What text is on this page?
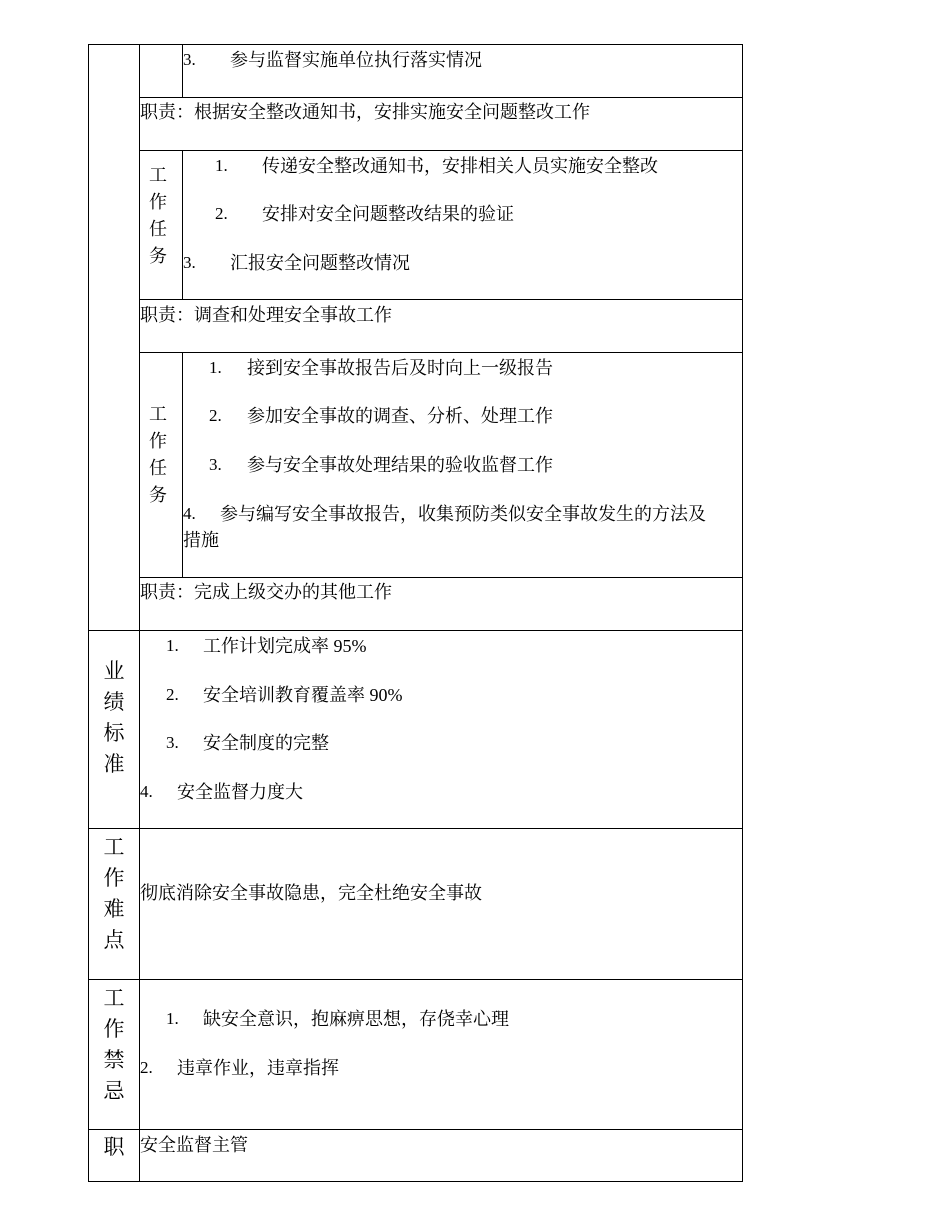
3. 参与监督实施单位执行落实情况
职责：根据安全整改通知书，安排实施安全问题整改工作
工
作
任
务
1. 传递安全整改通知书，安排相关人员实施安全整改
2. 安排对安全问题整改结果的验证
3. 汇报安全问题整改情况
职责：调查和处理安全事故工作
工
作
任
务
1. 接到安全事故报告后及时向上一级报告
2. 参加安全事故的调查、分析、处理工作
3. 参与安全事故处理结果的验收监督工作
4. 参与编写安全事故报告，收集预防类似安全事故发生的方法及
措施
职责：完成上级交办的其他工作
业
绩
标
准
1. 工作计划完成率 95%
2. 安全培训教育覆盖率 90%
3. 安全制度的完整
4. 安全监督力度大
工
作
难
点
彻底消除安全事故隐患，完全杜绝安全事故
工
作
禁
忌
1. 缺安全意识，抱麻痹思想，存侥幸心理
2. 违章作业，违章指挥
职 安全监督主管
